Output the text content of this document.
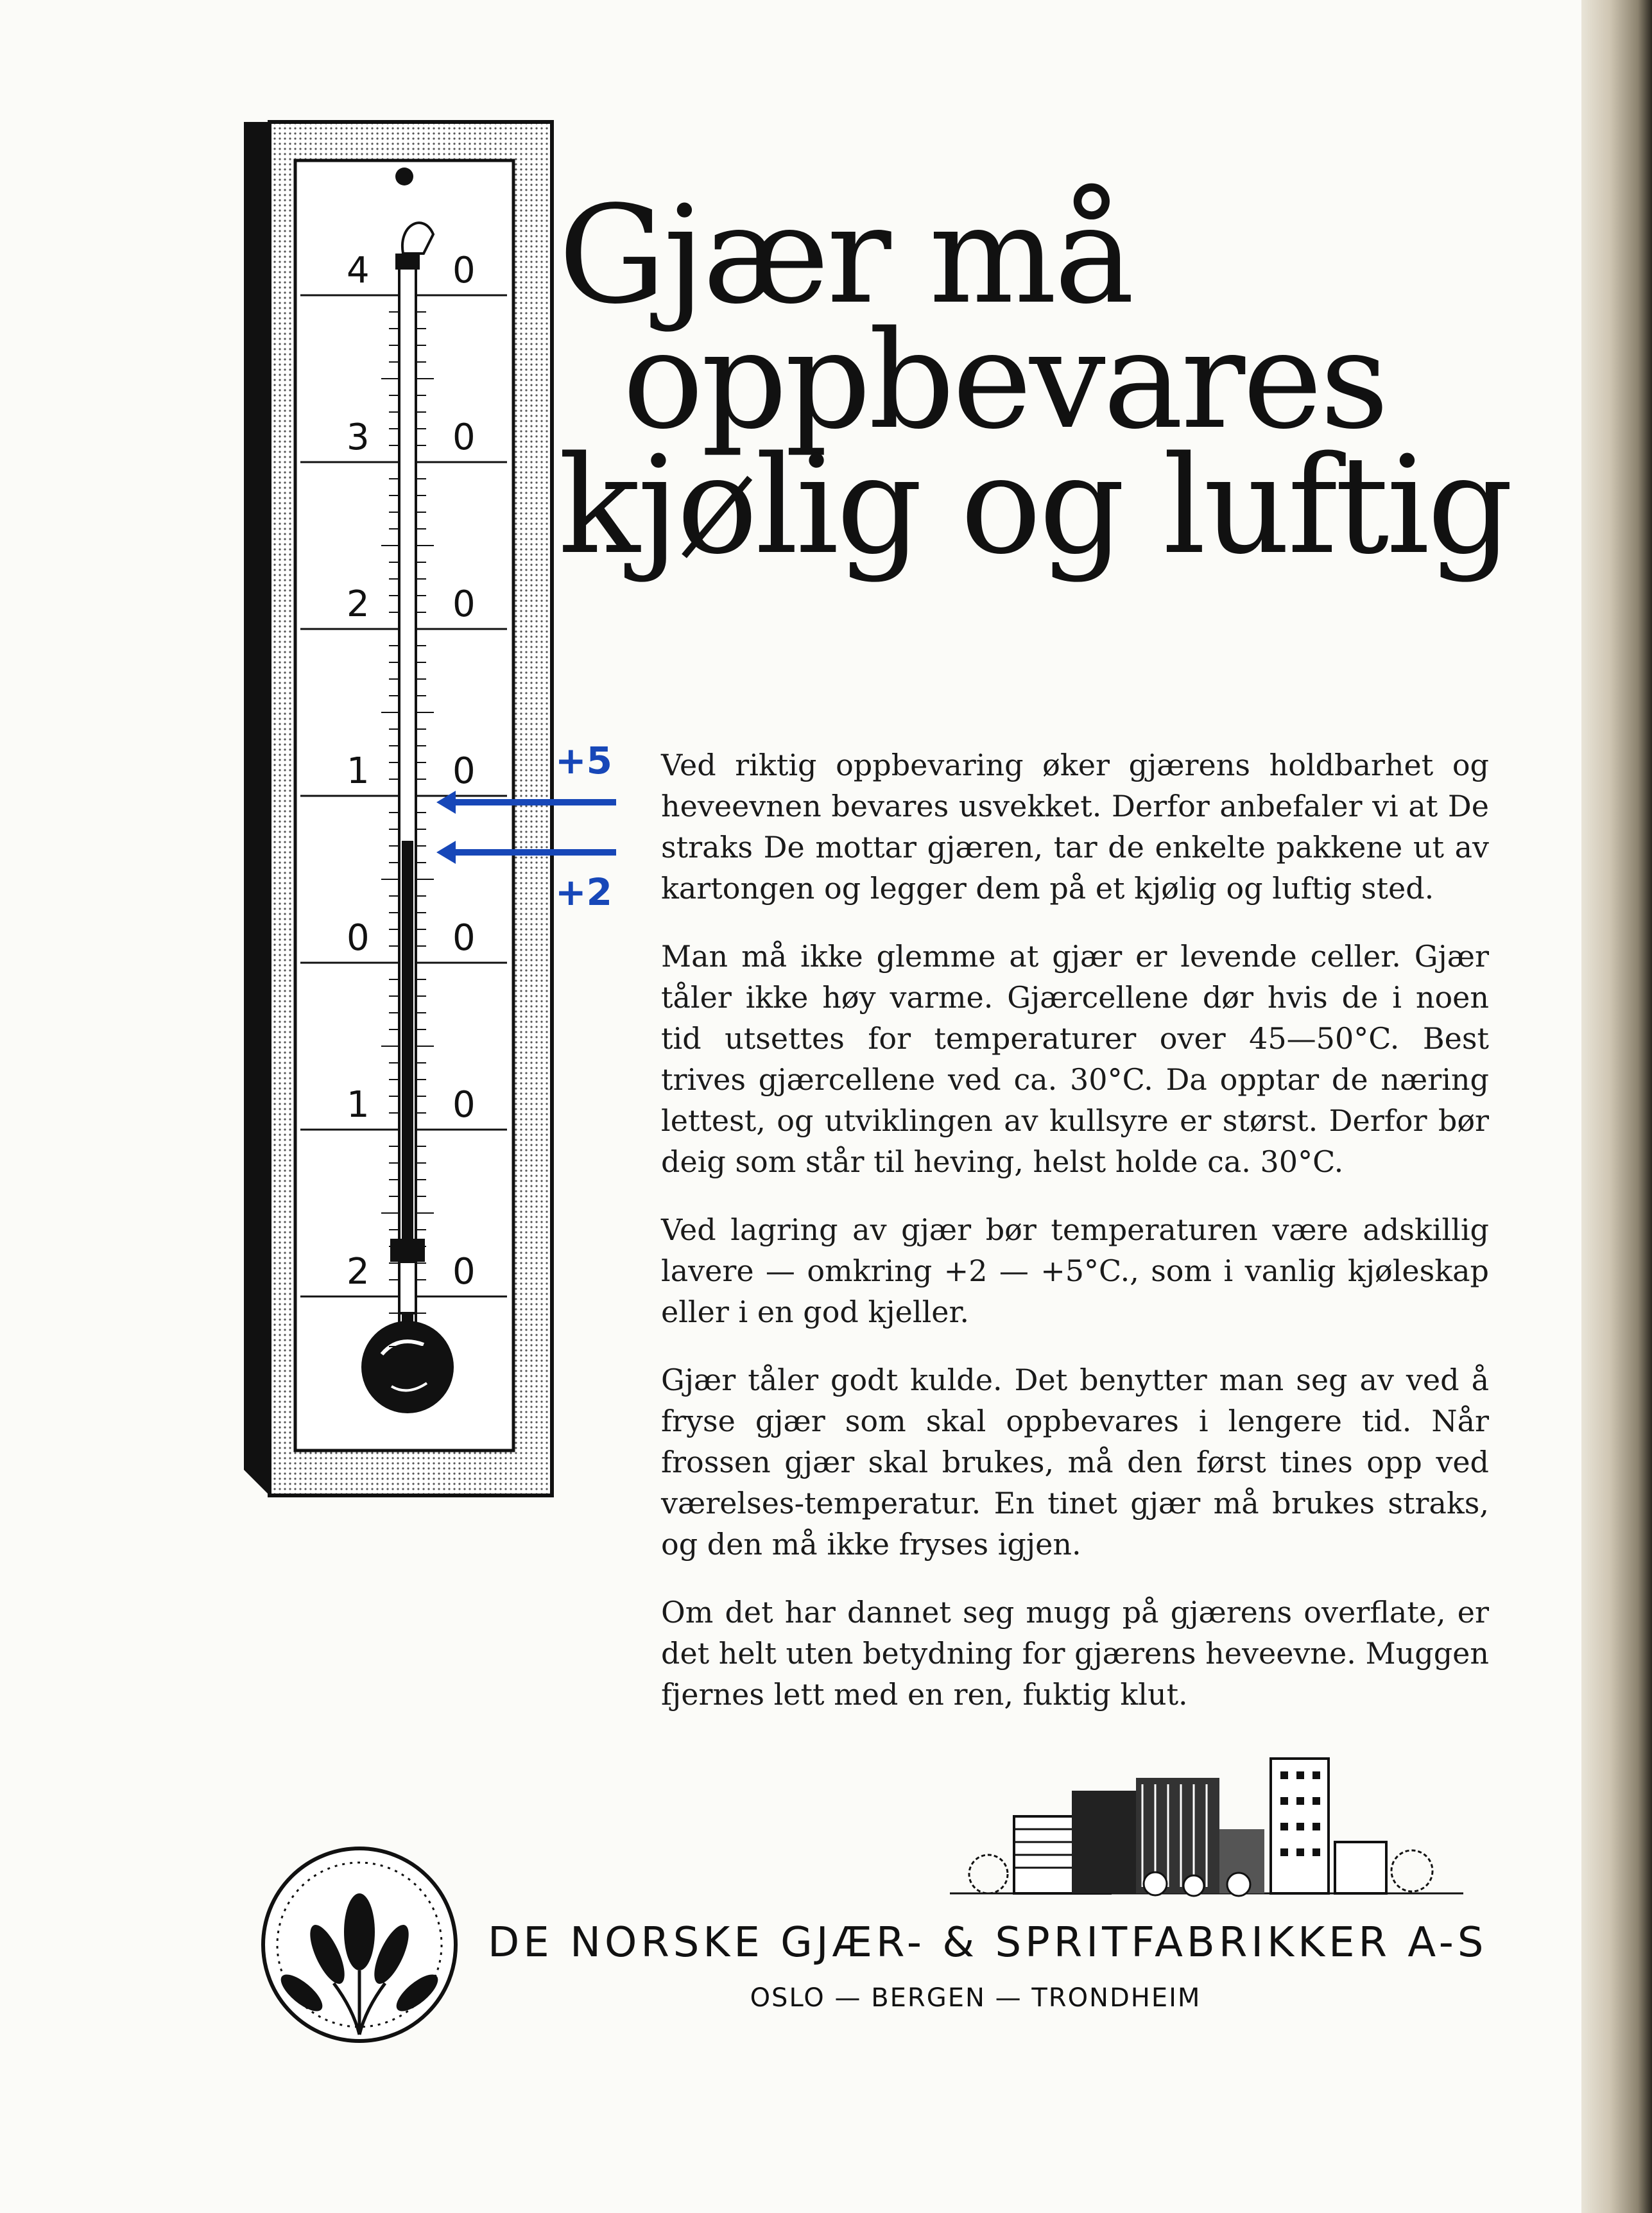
4 0
3 0
2 0
1 0
0 0
1 0
2 0
+5
+2
Gjær må
oppbevares
kjølig og luftig

Ved riktig oppbevaring øker gjærens holdbarhet og heveevnen bevares usvekket. Derfor anbefaler vi at De straks De mottar gjæren, tar de enkelte pakkene ut av kartongen og legger dem på et kjølig og luftig sted.

Man må ikke glemme at gjær er levende celler. Gjær tåler ikke høy varme. Gjærcellene dør hvis de i noen tid utsettes for temperaturer over 45—50°C. Best trives gjærcellene ved ca. 30°C. Da opptar de næring lettest, og utviklingen av kullsyre er størst. Derfor bør deig som står til heving, helst holde ca. 30°C.

Ved lagring av gjær bør temperaturen være adskillig lavere — omkring +2 — +5°C., som i vanlig kjøleskap eller i en god kjeller.

Gjær tåler godt kulde. Det benytter man seg av ved å fryse gjær som skal oppbevares i lengere tid. Når frossen gjær skal brukes, må den først tines opp ved værelses-temperatur. En tinet gjær må brukes straks, og den må ikke fryses igjen.

Om det har dannet seg mugg på gjærens overflate, er det helt uten betydning for gjærens heveevne. Muggen fjernes lett med en ren, fuktig klut.

DE NORSKE GJÆR- & SPRITFABRIKKER A-S
OSLO — BERGEN — TRONDHEIM
